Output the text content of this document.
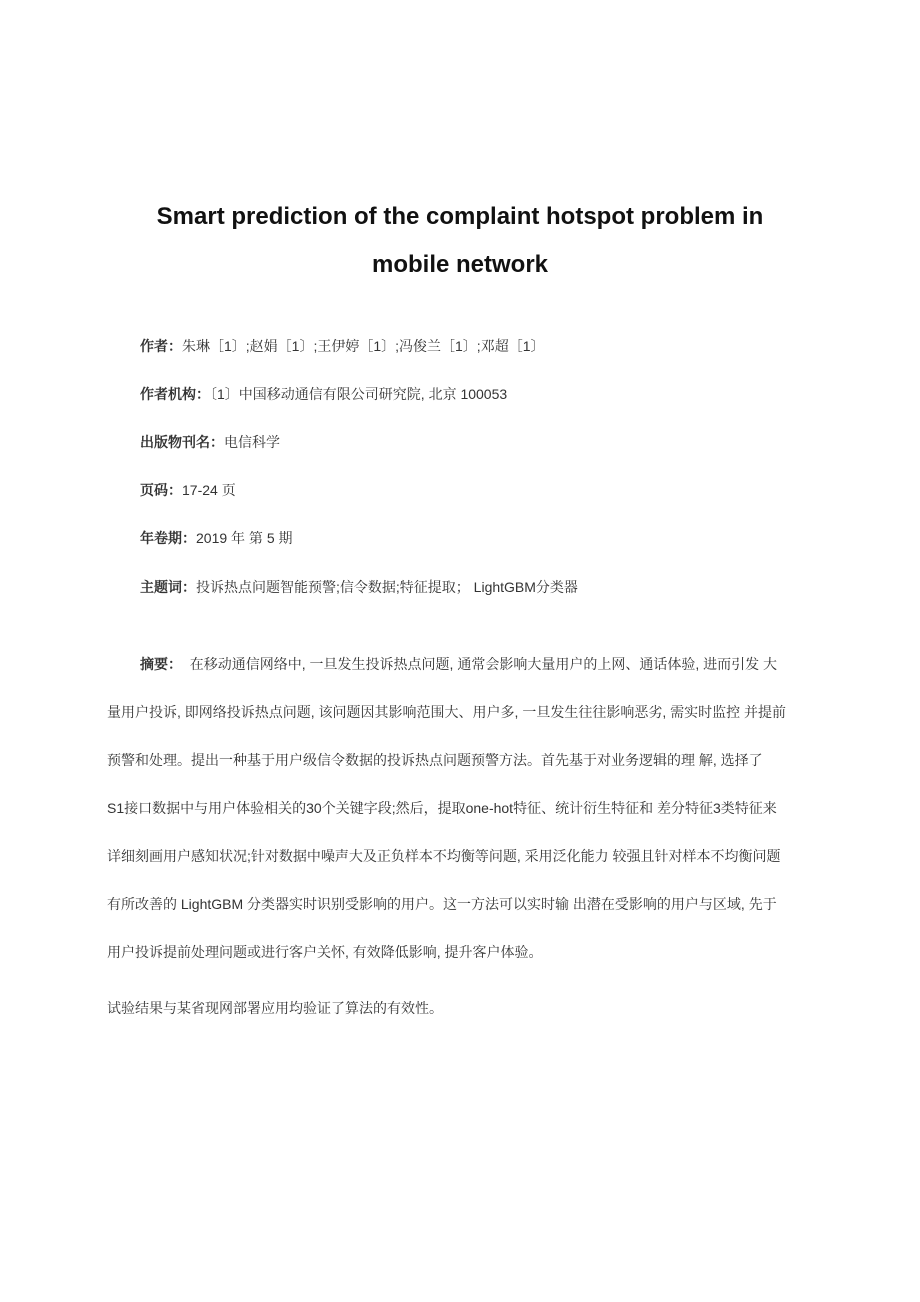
Smart prediction of the complaint hotspot problem in
mobile network
作者：朱琳［1〕;赵娟［1〕;王伊婷［1〕;冯俊兰［1〕;邓超［1〕
作者机构：〔1〕中国移动通信有限公司研究院, 北京 100053
出版物刊名：电信科学
页码：17-24 页
年卷期：2019 年 第 5 期
主题词：投诉热点问题智能预警;信令数据;特征提取； LightGBM分类器
摘要： 在移动通信网络中, 一旦发生投诉热点问题, 通常会影响大量用户的上网、通话体验, 进而引发 大
量用户投诉, 即网络投诉热点问题, 该问题因其影响范围大、用户多, 一旦发生往往影响恶劣, 需实时监控 并提前
预警和处理。提出一种基于用户级信令数据的投诉热点问题预警方法。首先基于对业务逻辑的理 解, 选择了
S1接口数据中与用户体验相关的30个关键字段;然后，提取one-hot特征、统计衍生特征和 差分特征3类特征来
详细刻画用户感知状况;针对数据中噪声大及正负样本不均衡等问题, 采用泛化能力 较强且针对样本不均衡问题
有所改善的 LightGBM 分类器实时识别受影响的用户。这一方法可以实时输 出潜在受影响的用户与区域, 先于
用户投诉提前处理问题或进行客户关怀, 有效降低影响, 提升客户体验。
试验结果与某省现网部署应用均验证了算法的有效性。
